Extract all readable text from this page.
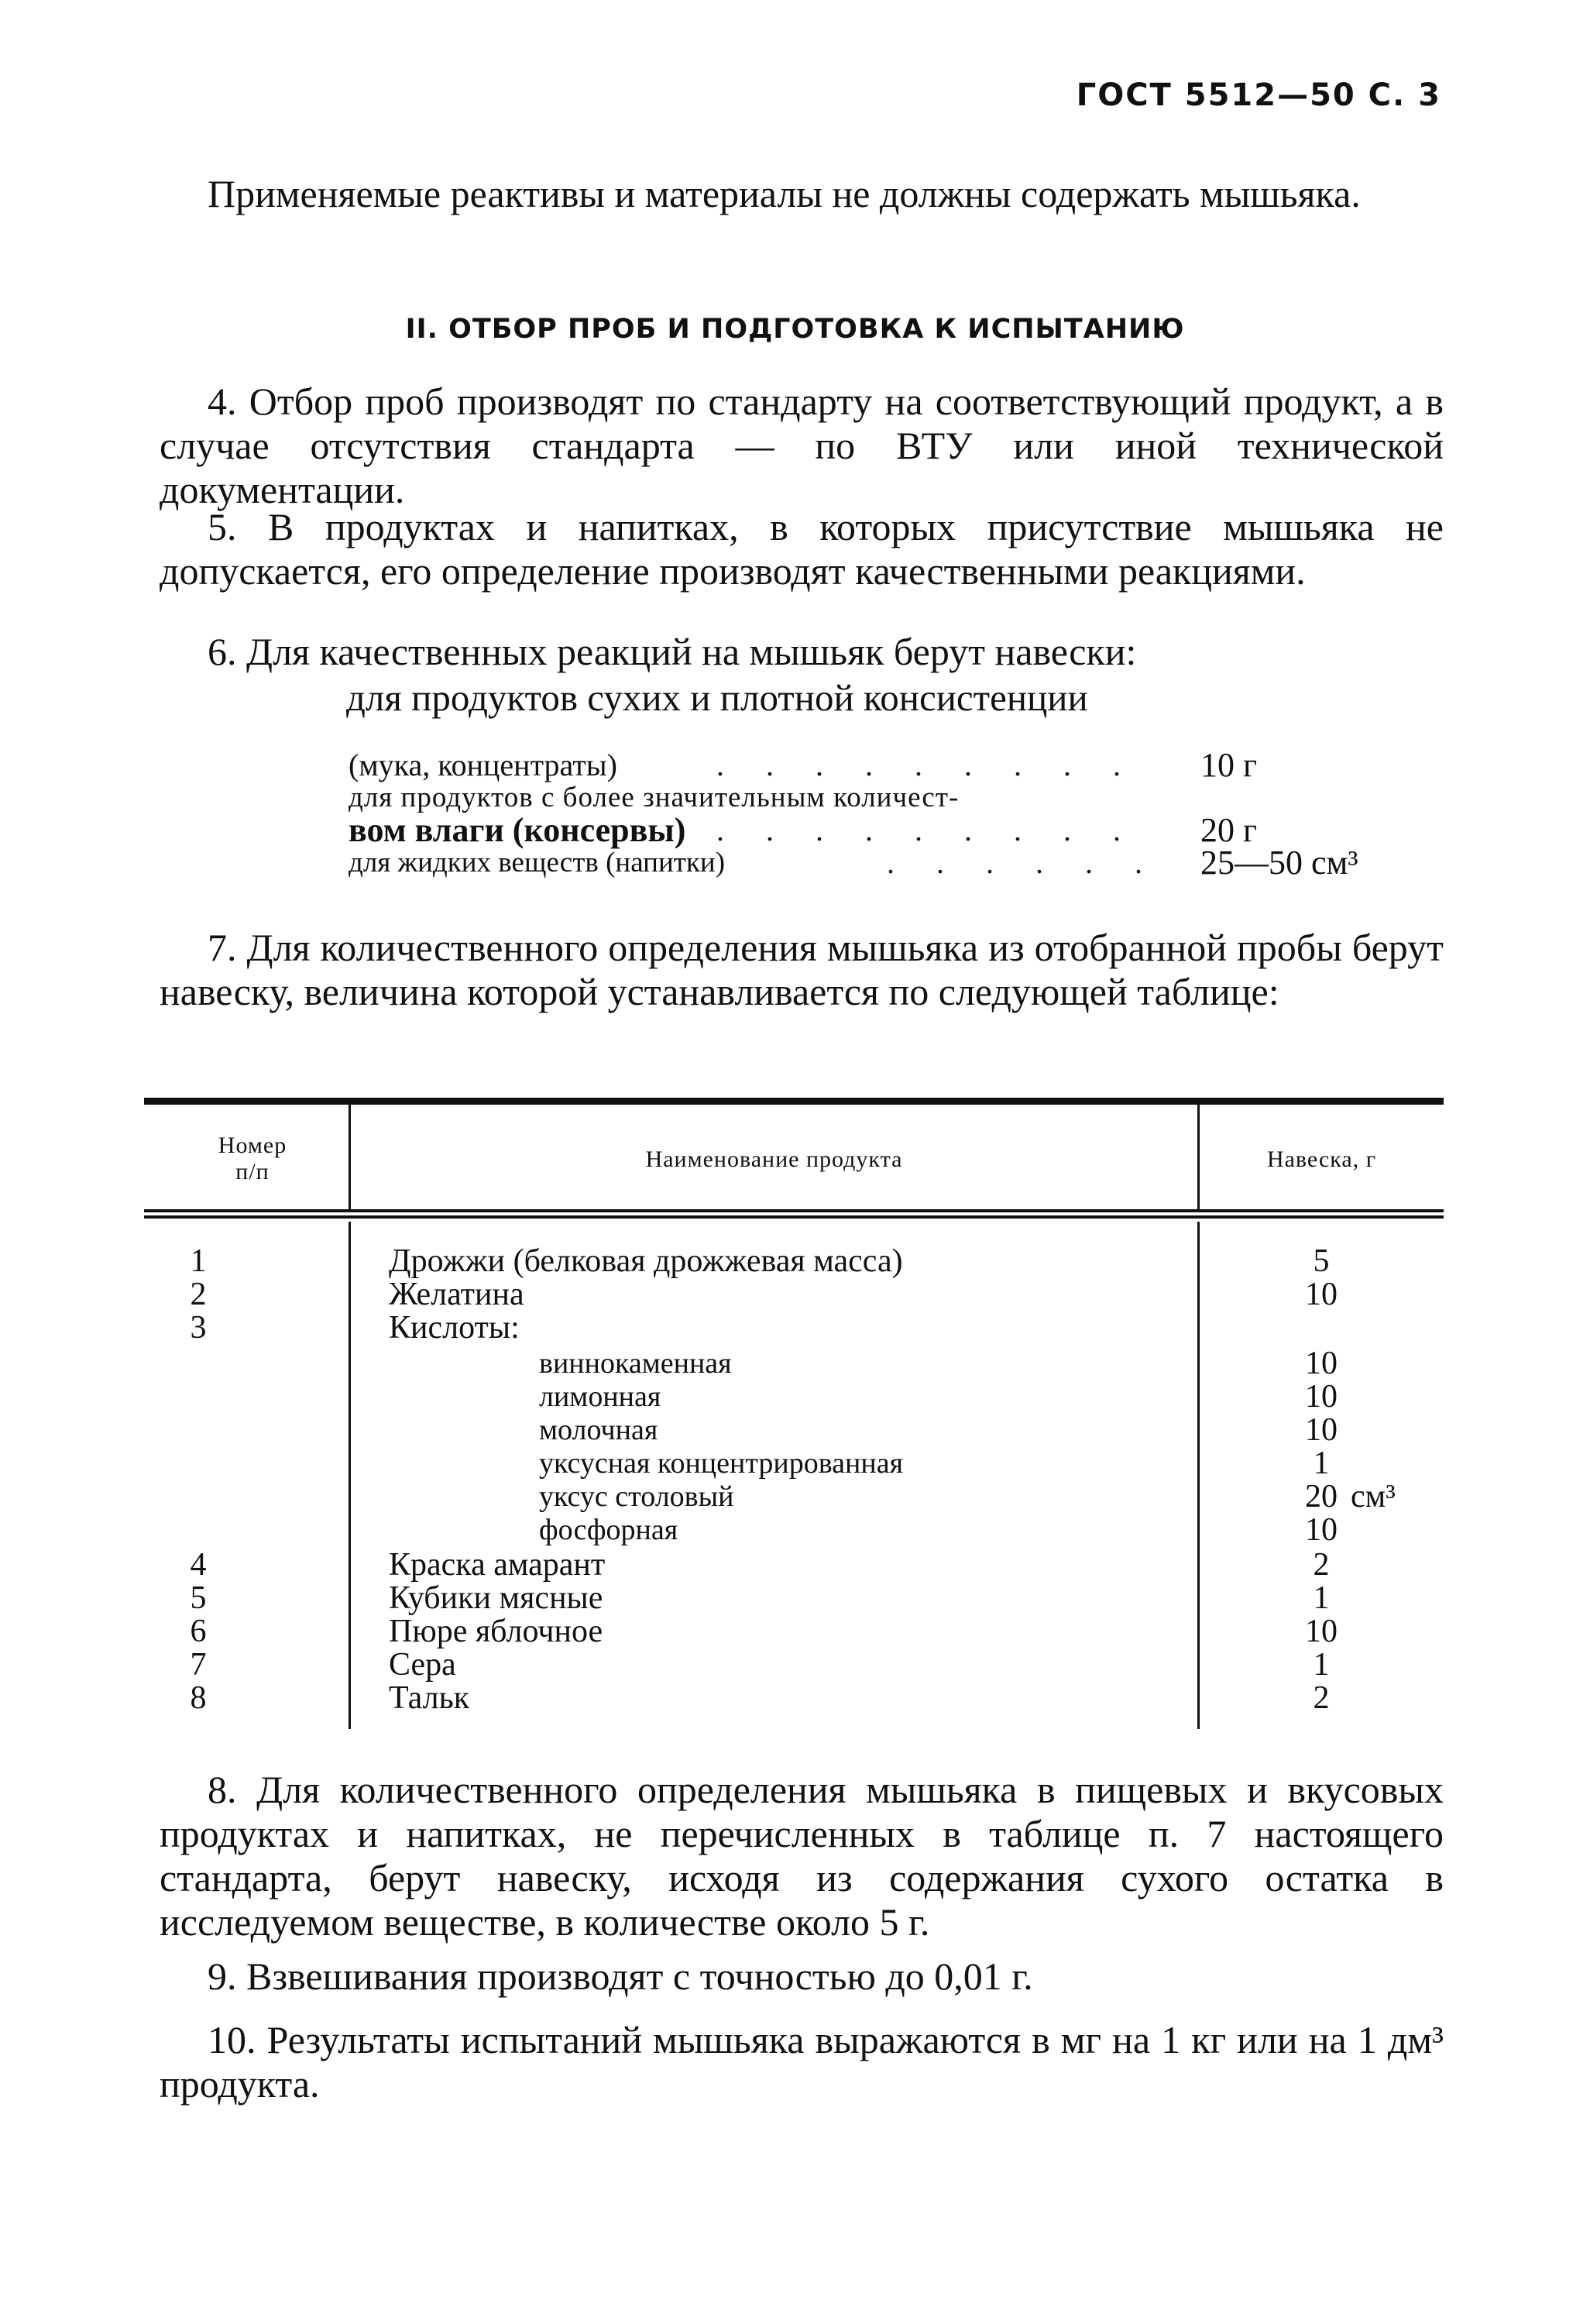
ГОСТ 5512—50 С. 3

Применяемые реактивы и материалы не должны содержать мышьяка.

II. ОТБОР ПРОБ И ПОДГОТОВКА К ИСПЫТАНИЮ

4. Отбор проб производят по стандарту на соответствующий продукт, а в случае отсутствия стандарта — по ВТУ или иной технической документации.

5. В продуктах и напитках, в которых присутствие мышьяка не допускается, его определение производят качественными реакциями.

6. Для качественных реакций на мышьяк берут навески:

для продуктов сухих и плотной консистенции
(мука, концентраты)	. . . . . . . . . 10 г
для продуктов с более значительным количест-
вом влаги (консервы) . . . . . . . . . 20 г
для жидких веществ (напитки)	. . . . . . 25—50 см³

7. Для количественного определения мышьяка из отобранной пробы берут навеску, величина которой устанавливается по следующей таблице:

Номер
п/п	Наименование продукта	Навеска, г
1	Дрожжи (белковая дрожжевая масса)	5
2	Желатина	10
3	Кислоты:
виннокаменная	10
лимонная	10
молочная	10
уксусная концентрированная	1
уксус столовый	20 см³
фосфорная	10
4	Краска амарант	2
5	Кубики мясные	1
6	Пюре яблочное	10
7	Сера	1
8	Тальк	2

8. Для количественного определения мышьяка в пищевых и вкусовых продуктах и напитках, не перечисленных в таблице п. 7 настоящего стандарта, берут навеску, исходя из содержания сухого остатка в исследуемом веществе, в количестве около 5 г.

9. Взвешивания производят с точностью до 0,01 г.

10. Результаты испытаний мышьяка выражаются в мг на 1 кг или на 1 дм³ продукта.
